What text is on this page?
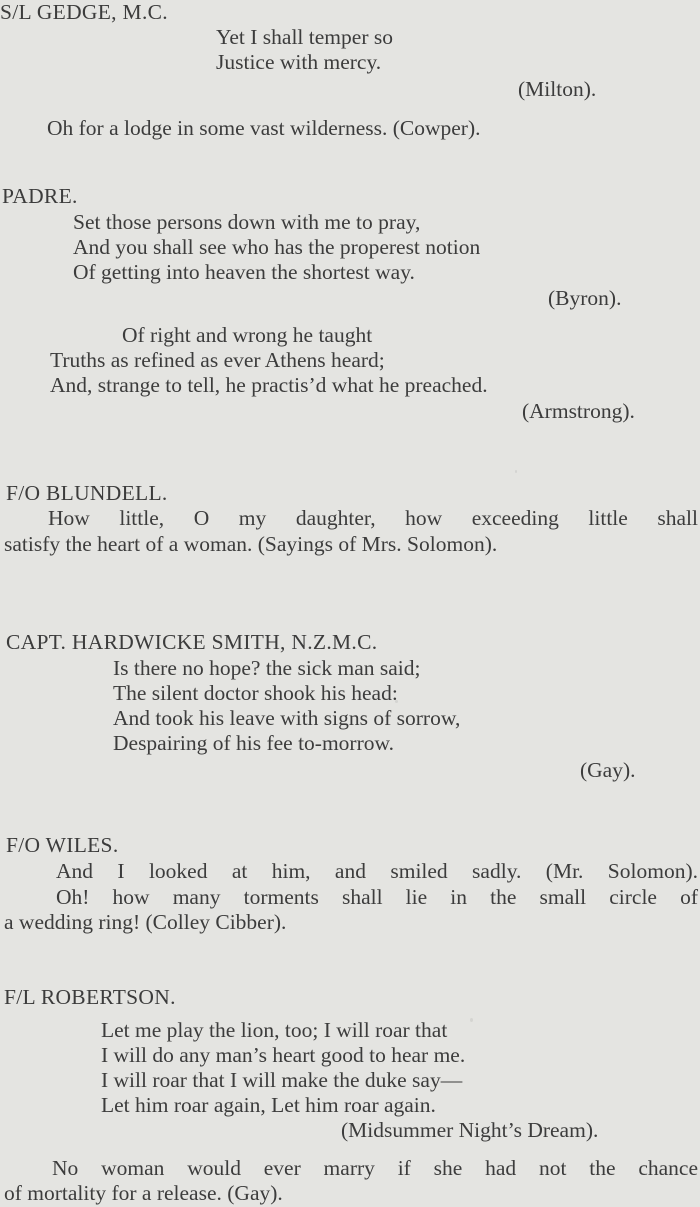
S/L GEDGE, M.C.
Yet I shall temper so
Justice with mercy.
(Milton).
Oh for a lodge in some vast wilderness. (Cowper).
PADRE.
Set those persons down with me to pray,
And you shall see who has the properest notion
Of getting into heaven the shortest way.
(Byron).
Of right and wrong he taught
Truths as refined as ever Athens heard;
And, strange to tell, he practis’d what he preached.
(Armstrong).
F/O BLUNDELL.
How little, O my daughter, how exceeding little shall
satisfy the heart of a woman. (Sayings of Mrs. Solomon).
CAPT. HARDWICKE SMITH, N.Z.M.C.
Is there no hope? the sick man said;
The silent doctor shook his head:
And took his leave with signs of sorrow,
Despairing of his fee to-morrow.
(Gay).
F/O WILES.
And I looked at him, and smiled sadly. (Mr. Solomon).
Oh! how many torments shall lie in the small circle of
a wedding ring! (Colley Cibber).
F/L ROBERTSON.
Let me play the lion, too; I will roar that
I will do any man’s heart good to hear me.
I will roar that I will make the duke say—
Let him roar again, Let him roar again.
(Midsummer Night’s Dream).
No woman would ever marry if she had not the chance
of mortality for a release. (Gay).
